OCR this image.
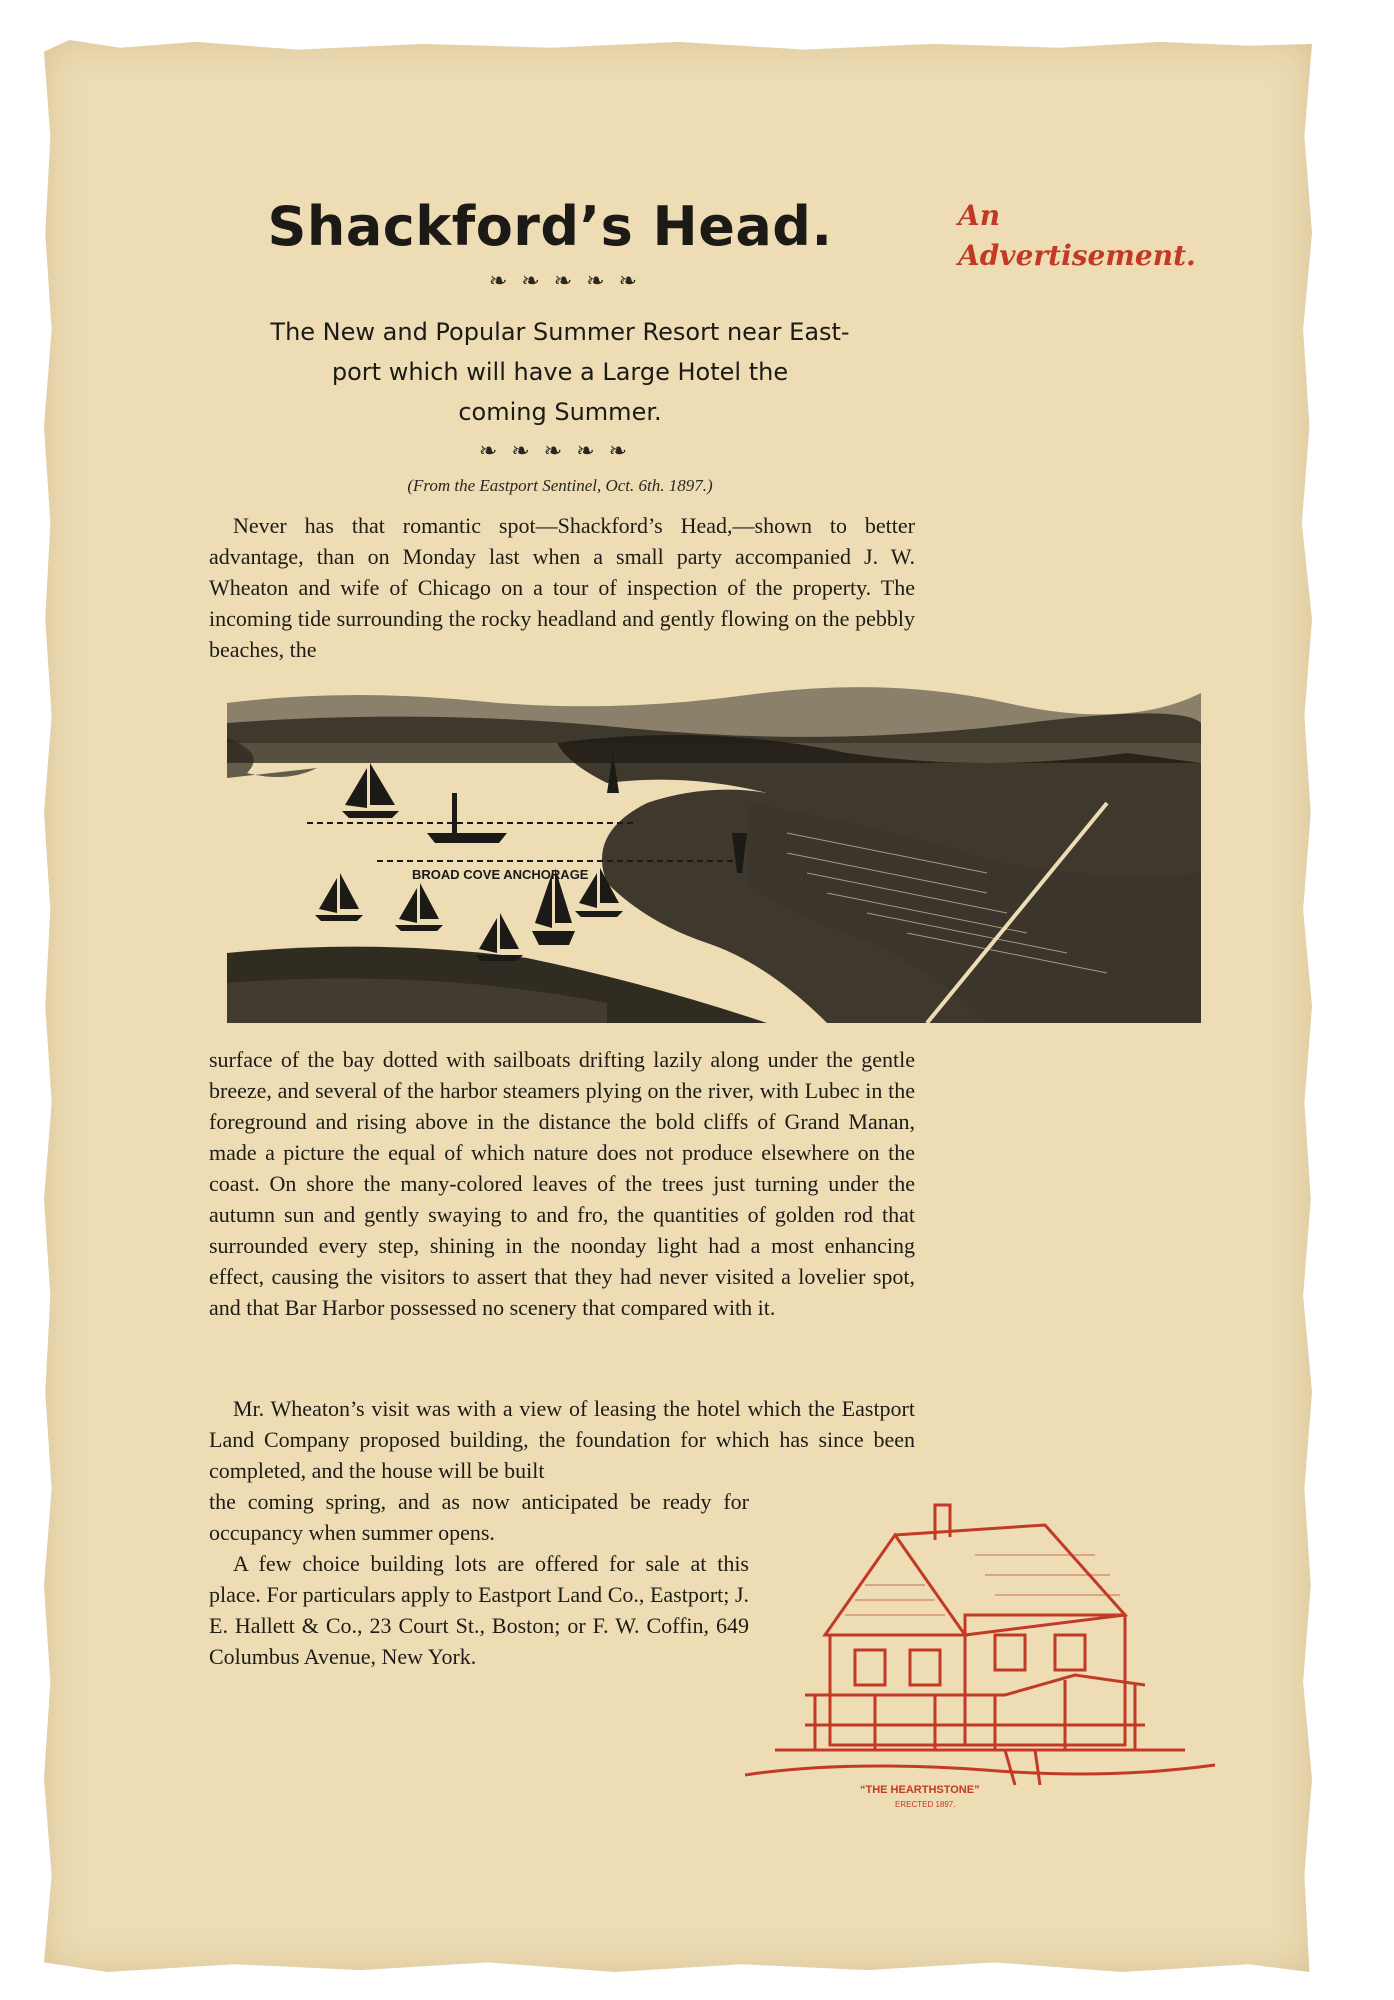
Shackford’s Head.	An
Advertisement.
❧❧❧❧❧
The New and Popular Summer Resort near East-
port which will have a Large Hotel the
coming Summer.
❧❧❧❧❧
(From the Eastport Sentinel, Oct. 6th. 1897.)
Never has that romantic spot—Shackford’s Head,—shown to better advantage, than on Monday last when a small party accompanied J. W. Wheaton and wife of Chicago on a tour of inspection of the property. The incoming tide surrounding the rocky headland and gently flowing on the pebbly beaches, the
BROAD COVE ANCHORAGE
surface of the bay dotted with sailboats drifting lazily along under the gentle breeze, and several of the harbor steamers plying on the river, with Lubec in the foreground and rising above in the distance the bold cliffs of Grand Manan, made a picture the equal of which nature does not produce elsewhere on the coast. On shore the many-colored leaves of the trees just turning under the autumn sun and gently swaying to and fro, the quantities of golden rod that surrounded every step, shining in the noonday light had a most enhancing effect, causing the visitors to assert that they had never visited a lovelier spot, and that Bar Harbor possessed no scenery that compared with it.
Mr. Wheaton’s visit was with a view of leasing the hotel which the Eastport Land Company proposed building, the foundation for which has since been completed, and the house will be built
the coming spring, and as now anticipated be ready for occupancy when summer opens.
A few choice building lots are offered for sale at this place. For particulars apply to Eastport Land Co., Eastport; J. E. Hallett & Co., 23 Court St., Boston; or F. W. Coffin, 649 Columbus Avenue, New York.
“THE HEARTHSTONE”
ERECTED 1897.
